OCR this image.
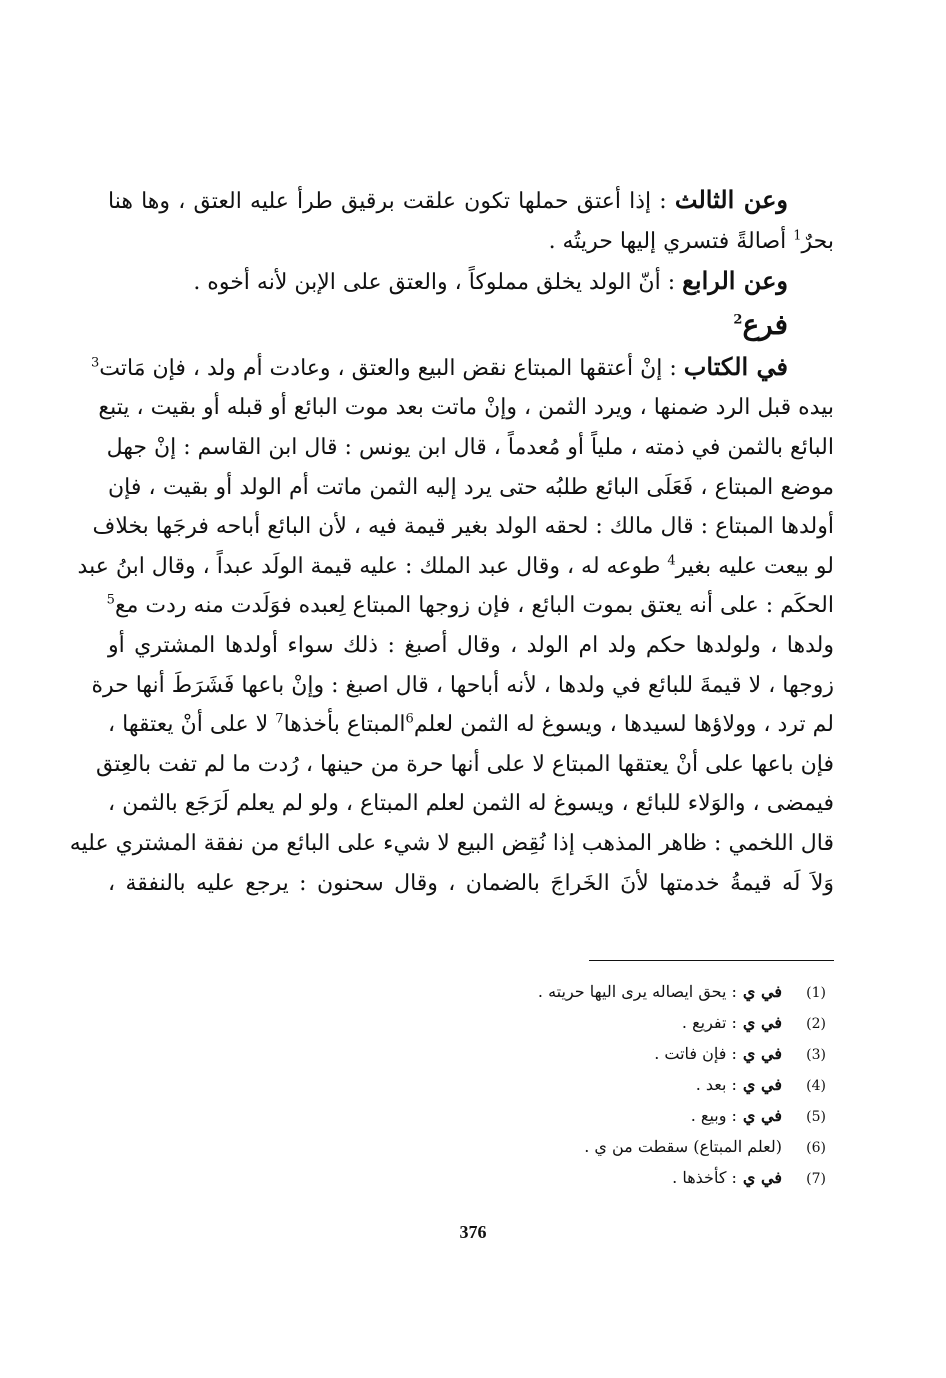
وعن الثالث : إذا أعتق حملها تكون علقت برقيق طرأ عليه العتق ، وها هنا
بحرٌ$^1$ أصالةً فتسري إليها حريتُه .

وعن الرابع : أنّ الولد يخلق مملوكاً ، والعتق على الإبن لأنه أخوه .

فرع$^2$

في الكتاب : إنْ أعتقها المبتاع نقض البيع والعتق ، وعادت أم ولد ، فإن مَاتت$^3$
بيده قبل الرد ضمنها ، ويرد الثمن ، وإنْ ماتت بعد موت البائع أو قبله أو بقيت ، يتبع
البائع بالثمن في ذمته ، ملياً أو مُعدماً ، قال ابن يونس : قال ابن القاسم : إنْ جهل
موضع المبتاع ، فَعَلَى البائع طلبُه حتى يرد إليه الثمن ماتت أم الولد أو بقيت ، فإن
أولدها المبتاع : قال مالك : لحقه الولد بغير قيمة فيه ، لأن البائع أباحه فرجَها بخلاف
لو بيعت عليه بغير$^4$ طوعه له ، وقال عبد الملك : عليه قيمة الولَد عبداً ، وقال ابنُ عبد
الحكَم : على أنه يعتق بموت البائع ، فإن زوجها المبتاع لِعبده فوَلَدت منه ردت مع$^5$
ولدها ، ولولدها حكم ولد ام الولد ، وقال أصبغ : ذلك سواء أولدها المشتري أو
زوجها ، لا قيمةَ للبائع في ولدها ، لأنه أباحها ، قال اصبغ : وإنْ باعها فَشَرَطَ أنها حرة
لم ترد ، وولاؤها لسيدها ، ويسوغ له الثمن لعلم$^6$المبتاع بأخذها$^7$ لا على أنْ يعتقها ،
فإن باعها على أنْ يعتقها المبتاع لا على أنها حرة من حينها ، رُدت ما لم تفت بالعِتق
فيمضى ، والوَلاء للبائع ، ويسوغ له الثمن لعلم المبتاع ، ولو لم يعلم لَرَجَع بالثمن ،
قال اللخمي : ظاهر المذهب إذا نُقِض البيع لا شيء على البائع من نفقة المشتري عليه
وَلاَ لَه قيمةُ خدمتها لأنَ الخَراجَ بالضمان ، وقال سحنون : يرجع عليه بالنفقة ،

(1)
في ي
: يحق ايصاله يرى اليها حريته .
(2)
في ي
: تفريع .
(3)
في ي
: فإن فاتت .
(4)
في ي
: بعد .
(5)
في ي
: وبيع .
(6)
(لعلم المبتاع) سقطت من ي .
(7)
في ي
: كأخذها .
376
